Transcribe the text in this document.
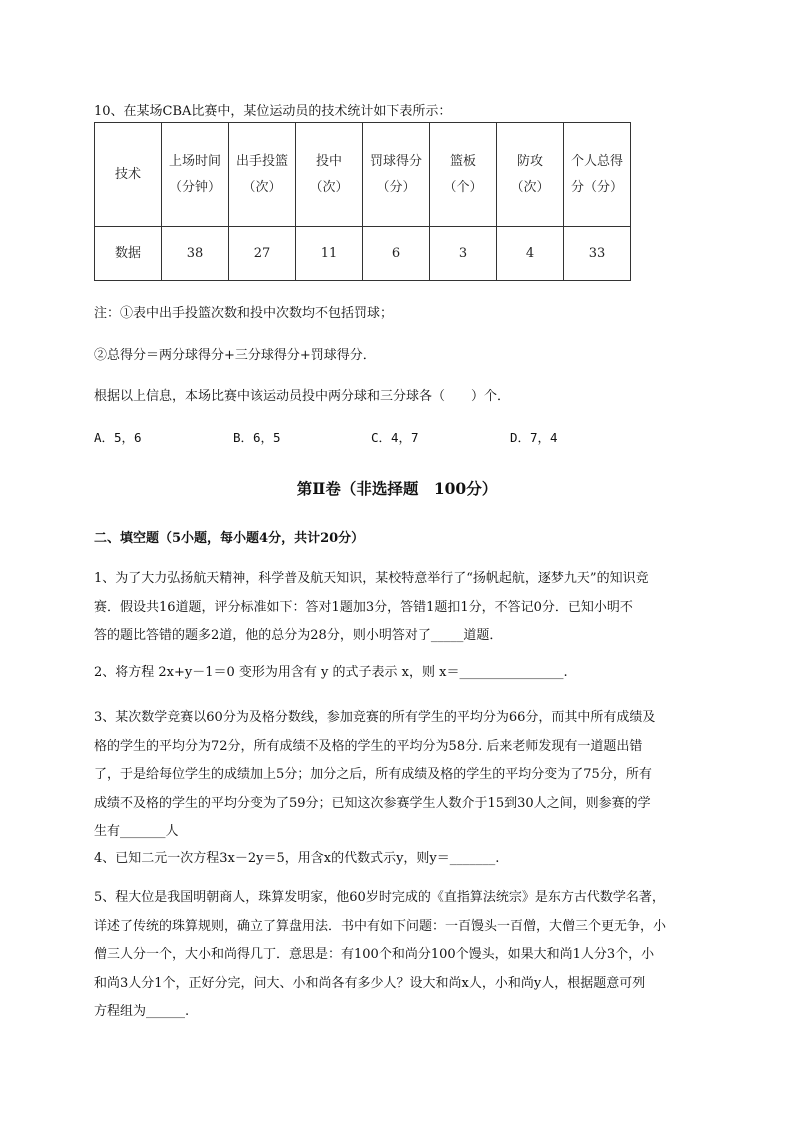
10、在某场CBA比赛中，某位运动员的技术统计如下表所示：
技术	上场时间（分钟）	出手投篮（次）	投中（次）	罚球得分（分）	篮板（个）	防攻（次）	个人总得分（分）
数据	38	27	11	6	3	4	33
注：①表中出手投篮次数和投中次数均不包括罚球；
②总得分＝两分球得分+三分球得分+罚球得分．
根据以上信息，本场比赛中该运动员投中两分球和三分球各（　　）个．
A．5，6	B．6，5	C．4，7	D．7，4
第Ⅱ卷（非选择题　100分）
二、填空题（5小题，每小题4分，共计20分）
1、为了大力弘扬航天精神，科学普及航天知识，某校特意举行了“扬帆起航，逐梦九天”的知识竞
赛．假设共16道题，评分标准如下：答对1题加3分，答错1题扣1分，不答记0分．已知小明不
答的题比答错的题多2道，他的总分为28分，则小明答对了_____道题．
2、将方程 2x+y－1＝0 变形为用含有 y 的式子表示 x，则 x＝________________.
3、某次数学竞赛以60分为及格分数线，参加竞赛的所有学生的平均分为66分，而其中所有成绩及
格的学生的平均分为72分，所有成绩不及格的学生的平均分为58分. 后来老师发现有一道题出错
了，于是给每位学生的成绩加上5分；加分之后，所有成绩及格的学生的平均分变为了75分，所有
成绩不及格的学生的平均分变为了59分；已知这次参赛学生人数介于15到30人之间，则参赛的学
生有_______人
4、已知二元一次方程3x－2y＝5，用含x的代数式示y，则y＝_______.
5、程大位是我国明朝商人，珠算发明家，他60岁时完成的《直指算法统宗》是东方古代数学名著，
详述了传统的珠算规则，确立了算盘用法．书中有如下问题：一百馒头一百僧，大僧三个更无争，小
僧三人分一个，大小和尚得几丁．意思是：有100个和尚分100个馒头，如果大和尚1人分3个，小
和尚3人分1个，正好分完，问大、小和尚各有多少人？设大和尚x人，小和尚y人，根据题意可列
方程组为______.
